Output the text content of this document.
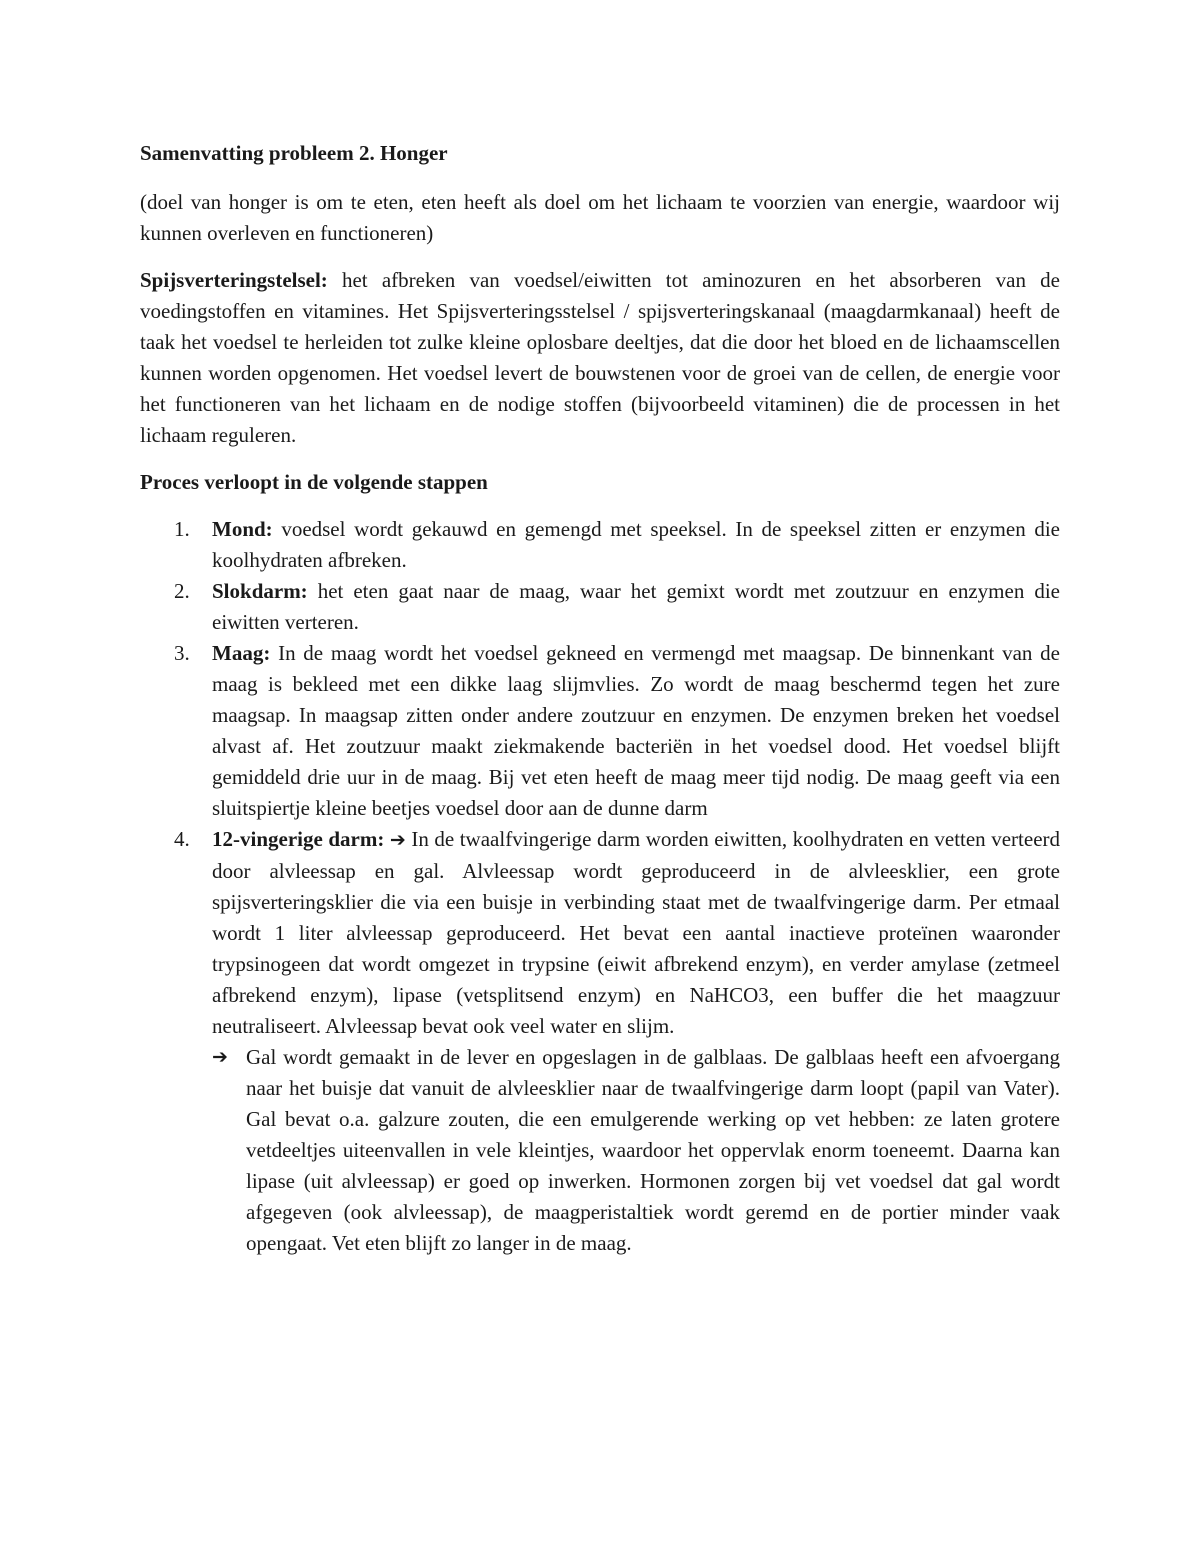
Samenvatting probleem 2. Honger

(doel van honger is om te eten, eten heeft als doel om het lichaam te voorzien van energie, waardoor wij kunnen overleven en functioneren)

Spijsverteringstelsel: het afbreken van voedsel/eiwitten tot aminozuren en het absorberen van de voedingstoffen en vitamines. Het Spijsverteringsstelsel / spijsverteringskanaal (maagdarmkanaal) heeft de taak het voedsel te herleiden tot zulke kleine oplosbare deeltjes, dat die door het bloed en de lichaamscellen kunnen worden opgenomen. Het voedsel levert de bouwstenen voor de groei van de cellen, de energie voor het functioneren van het lichaam en de nodige stoffen (bijvoorbeeld vitaminen) die de processen in het lichaam reguleren.

Proces verloopt in de volgende stappen

1. Mond: voedsel wordt gekauwd en gemengd met speeksel. In de speeksel zitten er enzymen die koolhydraten afbreken.
2. Slokdarm: het eten gaat naar de maag, waar het gemixt wordt met zoutzuur en enzymen die eiwitten verteren.
3. Maag: In de maag wordt het voedsel gekneed en vermengd met maagsap. De binnenkant van de maag is bekleed met een dikke laag slijmvlies. Zo wordt de maag beschermd tegen het zure maagsap. In maagsap zitten onder andere zoutzuur en enzymen. De enzymen breken het voedsel alvast af. Het zoutzuur maakt ziekmakende bacteriën in het voedsel dood. Het voedsel blijft gemiddeld drie uur in de maag. Bij vet eten heeft de maag meer tijd nodig. De maag geeft via een sluitspiertje kleine beetjes voedsel door aan de dunne darm
4. 12-vingerige darm: ➔ In de twaalfvingerige darm worden eiwitten, koolhydraten en vetten verteerd door alvleessap en gal. Alvleessap wordt geproduceerd in de alvleesklier, een grote spijsverteringsklier die via een buisje in verbinding staat met de twaalfvingerige darm. Per etmaal wordt 1 liter alvleessap geproduceerd. Het bevat een aantal inactieve proteïnen waaronder trypsinogeen dat wordt omgezet in trypsine (eiwit afbrekend enzym), en verder amylase (zetmeel afbrekend enzym), lipase (vetsplitsend enzym) en NaHCO3, een buffer die het maagzuur neutraliseert. Alvleessap bevat ook veel water en slijm.
➔ Gal wordt gemaakt in de lever en opgeslagen in de galblaas. De galblaas heeft een afvoergang naar het buisje dat vanuit de alvleesklier naar de twaalfvingerige darm loopt (papil van Vater). Gal bevat o.a. galzure zouten, die een emulgerende werking op vet hebben: ze laten grotere vetdeeltjes uiteenvallen in vele kleintjes, waardoor het oppervlak enorm toeneemt. Daarna kan lipase (uit alvleessap) er goed op inwerken. Hormonen zorgen bij vet voedsel dat gal wordt afgegeven (ook alvleessap), de maagperistaltiek wordt geremd en de portier minder vaak opengaat. Vet eten blijft zo langer in de maag.
